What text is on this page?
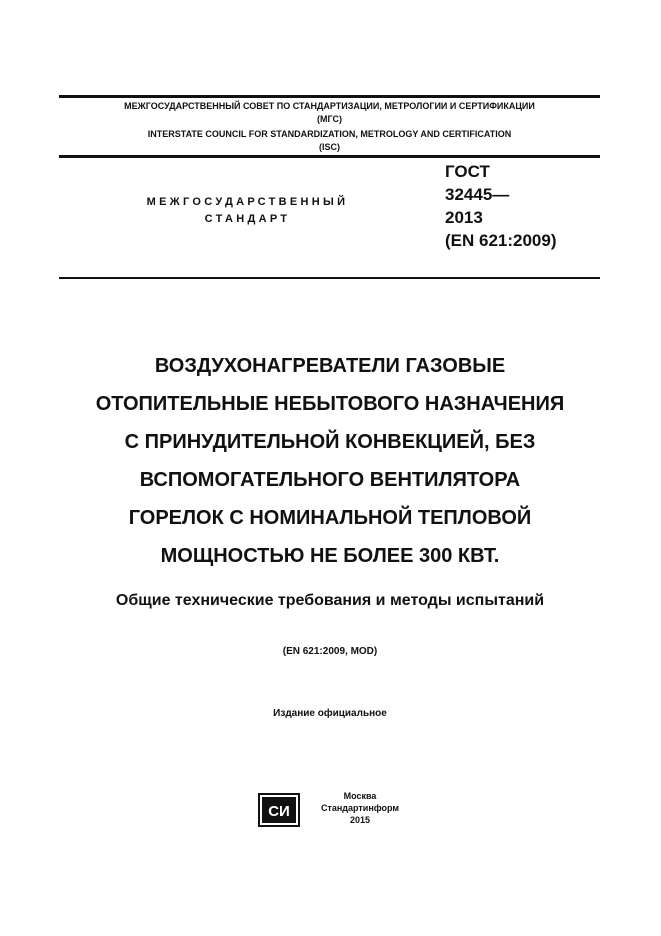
МЕЖГОСУДАРСТВЕННЫЙ СОВЕТ ПО СТАНДАРТИЗАЦИИ, МЕТРОЛОГИИ И СЕРТИФИКАЦИИ
(МГС)
INTERSTATE COUNCIL FOR STANDARDIZATION, METROLOGY AND CERTIFICATION
(ISC)
МЕЖГОСУДАРСТВЕННЫЙ
СТАНДАРТ
ГОСТ
32445—
2013
(EN 621:2009)
ВОЗДУХОНАГРЕВАТЕЛИ ГАЗОВЫЕ
ОТОПИТЕЛЬНЫЕ НЕБЫТОВОГО НАЗНАЧЕНИЯ
С ПРИНУДИТЕЛЬНОЙ КОНВЕКЦИЕЙ, БЕЗ
ВСПОМОГАТЕЛЬНОГО ВЕНТИЛЯТОРА
ГОРЕЛОК С НОМИНАЛЬНОЙ ТЕПЛОВОЙ
МОЩНОСТЬЮ НЕ БОЛЕЕ 300 КВТ.
Общие технические требования и методы испытаний
(EN 621:2009, MOD)
Издание официальное
СИ
Москва
Стандартинформ
2015
